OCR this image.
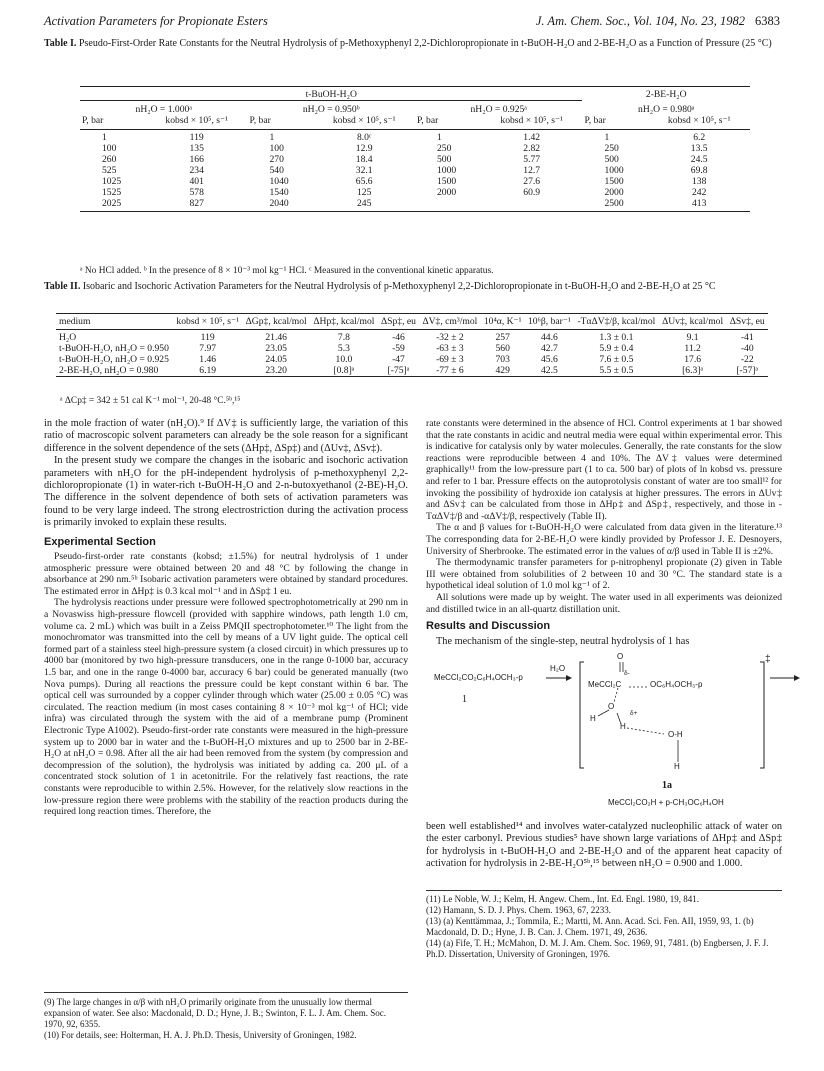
Activation Parameters for Propionate Esters	J. Am. Chem. Soc., Vol. 104, No. 23, 1982 6383
Table I. Pseudo-First-Order Rate Constants for the Neutral Hydrolysis of p-Methoxyphenyl 2,2-Dichloropropionate in t-BuOH-H₂O and 2-BE-H₂O as a Function of Pressure (25 °C)
t-BuOH-H₂O						2-BE-H₂O	
nH₂O = 1.000ᵃ		nH₂O = 0.950ᵇ		nH₂O = 0.925ᵃ		nH₂O = 0.980ᵃ	
P, bar	kobsd × 10⁵, s⁻¹	P, bar	kobsd × 10⁵, s⁻¹	P, bar	kobsd × 10⁵, s⁻¹	P, bar	kobsd × 10⁵, s⁻¹
1	119	1	8.0ᶜ	1	1.42	1	6.2
100	135	100	12.9	250	2.82	250	13.5
260	166	270	18.4	500	5.77	500	24.5
525	234	540	32.1	1000	12.7	1000	69.8
1025	401	1040	65.6	1500	27.6	1500	138
1525	578	1540	125	2000	60.9	2000	242
2025	827	2040	245			2500	413
ᵃ No HCl added. ᵇ In the presence of 8 × 10⁻³ mol kg⁻¹ HCl. ᶜ Measured in the conventional kinetic apparatus.
Table II. Isobaric and Isochoric Activation Parameters for the Neutral Hydrolysis of p-Methoxyphenyl 2,2-Dichloropropionate in t-BuOH-H₂O and 2-BE-H₂O at 25 °C
medium	kobsd × 10⁵, s⁻¹	ΔGp‡, kcal/mol	ΔHp‡, kcal/mol	ΔSp‡, eu	ΔV‡, cm³/mol	10⁴α, K⁻¹	10⁶β, bar⁻¹	-TαΔV‡/β, kcal/mol	ΔUv‡, kcal/mol	ΔSv‡, eu
H₂O	119	21.46	7.8	-46	-32 ± 2	257	44.6	1.3 ± 0.1	9.1	-41
t-BuOH-H₂O, nH₂O = 0.950	7.97	23.05	5.3	-59	-63 ± 3	560	42.7	5.9 ± 0.4	11.2	-40
t-BuOH-H₂O, nH₂O = 0.925	1.46	24.05	10.0	-47	-69 ± 3	703	45.6	7.6 ± 0.5	17.6	-22
2-BE-H₂O, nH₂O = 0.980	6.19	23.20	[0.8]ᵃ	[-75]ᵃ	-77 ± 6	429	42.5	5.5 ± 0.5	[6.3]ᵃ	[-57]ᵃ
ᵃ ΔCp‡ = 342 ± 51 cal K⁻¹ mol⁻¹, 20-48 °C.⁵ᵇ,¹⁵

in the mole fraction of water (nH₂O).⁹ If ΔV‡ is sufficiently large, the variation of this ratio of macroscopic solvent parameters can already be the sole reason for a significant difference in the solvent dependence of the sets (ΔHp‡, ΔSp‡) and (ΔUv‡, ΔSv‡).

In the present study we compare the changes in the isobaric and isochoric activation parameters with nH₂O for the pH-independent hydrolysis of p-methoxyphenyl 2,2-dichloropropionate (1) in water-rich t-BuOH-H₂O and 2-n-butoxyethanol (2-BE)-H₂O. The difference in the solvent dependence of both sets of activation parameters was found to be very large indeed. The strong electrostriction during the activation process is primarily invoked to explain these results.

Experimental Section

Pseudo-first-order rate constants (kobsd; ±1.5%) for neutral hydrolysis of 1 under atmospheric pressure were obtained between 20 and 48 °C by following the change in absorbance at 290 nm.⁵ᵇ Isobaric activation parameters were obtained by standard procedures. The estimated error in ΔHp‡ is 0.3 kcal mol⁻¹ and in ΔSp‡ 1 eu.

The hydrolysis reactions under pressure were followed spectrophotometrically at 290 nm in a Novaswiss high-pressure flowcell (provided with sapphire windows, path length 1.0 cm, volume ca. 2 mL) which was built in a Zeiss PMQII spectrophotometer.¹⁰ The light from the monochromator was transmitted into the cell by means of a UV light guide. The optical cell formed part of a stainless steel high-pressure system (a closed circuit) in which pressures up to 4000 bar (monitored by two high-pressure transducers, one in the range 0-1000 bar, accuracy 1.5 bar, and one in the range 0-4000 bar, accuracy 6 bar) could be generated manually (two Nova pumps). During all reactions the pressure could be kept constant within 6 bar. The optical cell was surrounded by a copper cylinder through which water (25.00 ± 0.05 °C) was circulated. The reaction medium (in most cases containing 8 × 10⁻³ mol kg⁻¹ of HCl; vide infra) was circulated through the system with the aid of a membrane pump (Prominent Electronic Type A1002). Pseudo-first-order rate constants were measured in the high-pressure system up to 2000 bar in water and the t-BuOH-H₂O mixtures and up to 2500 bar in 2-BE-H₂O at nH₂O = 0.98. After all the air had been removed from the system (by compression and decompression of the solution), the hydrolysis was initiated by adding ca. 200 μL of a concentrated stock solution of 1 in acetonitrile. For the relatively fast reactions, the rate constants were reproducible to within 2.5%. However, for the relatively slow reactions in the low-pressure region there were problems with the stability of the reaction products during the required long reaction times. Therefore, the

(9) The large changes in α/β with nH₂O primarily originate from the unusually low thermal expansion of water. See also: Macdonald, D. D.; Hyne, J. B.; Swinton, F. L. J. Am. Chem. Soc. 1970, 92, 6355.
(10) For details, see: Holterman, H. A. J. Ph.D. Thesis, University of Groningen, 1982.

rate constants were determined in the absence of HCl. Control experiments at 1 bar showed that the rate constants in acidic and neutral media were equal within experimental error. This is indicative for catalysis only by water molecules. Generally, the rate constants for the slow reactions were reproducible between 4 and 10%. The ΔV‡ values were determined graphically¹¹ from the low-pressure part (1 to ca. 500 bar) of plots of ln kobsd vs. pressure and refer to 1 bar. Pressure effects on the autoprotolysis constant of water are too small¹² for invoking the possibility of hydroxide ion catalysis at higher pressures. The errors in ΔUv‡ and ΔSv‡ can be calculated from those in ΔHp‡ and ΔSp‡, respectively, and those in -TαΔV‡/β and -αΔV‡/β, respectively (Table II).

The α and β values for t-BuOH-H₂O were calculated from data given in the literature.¹³ The corresponding data for 2-BE-H₂O were kindly provided by Professor J. E. Desnoyers, University of Sherbrooke. The estimated error in the values of α/β used in Table II is ±2%.

The thermodynamic transfer parameters for p-nitrophenyl propionate (2) given in Table III were obtained from solubilities of 2 between 10 and 30 °C. The standard state is a hypothetical ideal solution of 1.0 mol kg⁻¹ of 2.

All solutions were made up by weight. The water used in all experiments was deionized and distilled twice in an all-quartz distillation unit.

Results and Discussion

The mechanism of the single-step, neutral hydrolysis of 1 has

MeCCl₂CO₂C₆H₄OCH₃-p
H₂O
1
MeCCl₂C	OC₆H₄OCH₃-p
O
δ-
δ+
O
H
H
O-H
H
‡
1a
MeCCl₂CO₂H + p-CH₃OC₆H₄OH

been well established¹⁴ and involves water-catalyzed nucleophilic attack of water on the ester carbonyl. Previous studies⁵ have shown large variations of ΔHp‡ and ΔSp‡ for hydrolysis in t-BuOH-H₂O and 2-BE-H₂O and of the apparent heat capacity of activation for hydrolysis in 2-BE-H₂O⁵ᵇ,¹⁵ between nH₂O = 0.900 and 1.000.

(11) Le Noble, W. J.; Kelm, H. Angew. Chem., Int. Ed. Engl. 1980, 19, 841.
(12) Hamann, S. D. J. Phys. Chem. 1963, 67, 2233.
(13) (a) Kenttämmaa, J.; Tommila, E.; Martti, M. Ann. Acad. Sci. Fen. AII, 1959, 93, 1. (b) Macdonald, D. D.; Hyne, J. B. Can. J. Chem. 1971, 49, 2636.
(14) (a) Fife, T. H.; McMahon, D. M. J. Am. Chem. Soc. 1969, 91, 7481. (b) Engbersen, J. F. J. Ph.D. Dissertation, University of Groningen, 1976.
